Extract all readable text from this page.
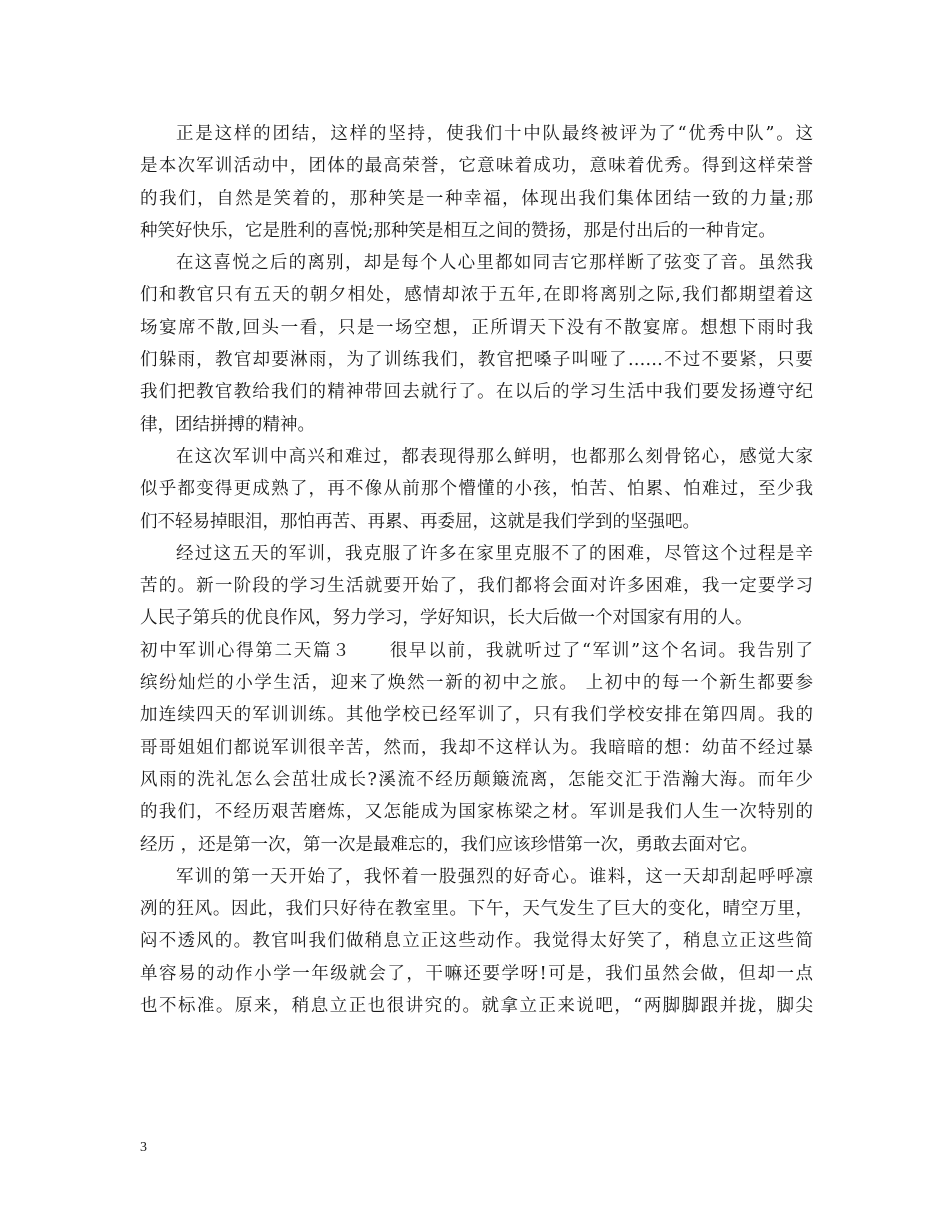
正是这样的团结，这样的坚持，使我们十中队最终被评为了“优秀中队”。这
是本次军训活动中，团体的最高荣誉，它意味着成功，意味着优秀。得到这样荣誉
的我们，自然是笑着的，那种笑是一种幸福，体现出我们集体团结一致的力量;那
种笑好快乐，它是胜利的喜悦;那种笑是相互之间的赞扬，那是付出后的一种肯定。
在这喜悦之后的离别，却是每个人心里都如同吉它那样断了弦变了音。虽然我
们和教官只有五天的朝夕相处，感情却浓于五年,在即将离别之际,我们都期望着这
场宴席不散,回头一看，只是一场空想，正所谓天下没有不散宴席。想想下雨时我
们躲雨，教官却要淋雨，为了训练我们，教官把嗓子叫哑了……不过不要紧，只要
我们把教官教给我们的精神带回去就行了。在以后的学习生活中我们要发扬遵守纪
律，团结拼搏的精神。
在这次军训中高兴和难过，都表现得那么鲜明，也都那么刻骨铭心，感觉大家
似乎都变得更成熟了，再不像从前那个懵懂的小孩，怕苦、怕累、怕难过，至少我
们不轻易掉眼泪，那怕再苦、再累、再委屈，这就是我们学到的坚强吧。
经过这五天的军训，我克服了许多在家里克服不了的困难，尽管这个过程是辛
苦的。新一阶段的学习生活就要开始了，我们都将会面对许多困难，我一定要学习
人民子第兵的优良作风，努力学习，学好知识，长大后做一个对国家有用的人。
初中军训心得第二天篇３　　很早以前，我就听过了“军训”这个名词。我告别了
缤纷灿烂的小学生活，迎来了焕然一新的初中之旅。 上初中的每一个新生都要参
加连续四天的军训训练。其他学校已经军训了，只有我们学校安排在第四周。我的
哥哥姐姐们都说军训很辛苦，然而，我却不这样认为。我暗暗的想：幼苗不经过暴
风雨的洗礼怎么会茁壮成长?溪流不经历颠簸流离，怎能交汇于浩瀚大海。而年少
的我们，不经历艰苦磨炼，又怎能成为国家栋梁之材。军训是我们人生一次特别的
经历 ，还是第一次，第一次是最难忘的，我们应该珍惜第一次，勇敢去面对它。
军训的第一天开始了，我怀着一股强烈的好奇心。谁料，这一天却刮起呼呼凛
冽的狂风。因此，我们只好待在教室里。下午，天气发生了巨大的变化，晴空万里，
闷不透风的。教官叫我们做稍息立正这些动作。我觉得太好笑了，稍息立正这些简
单容易的动作小学一年级就会了，干嘛还要学呀!可是，我们虽然会做，但却一点
也不标准。原来，稍息立正也很讲究的。就拿立正来说吧，“两脚脚跟并拢，脚尖
3
